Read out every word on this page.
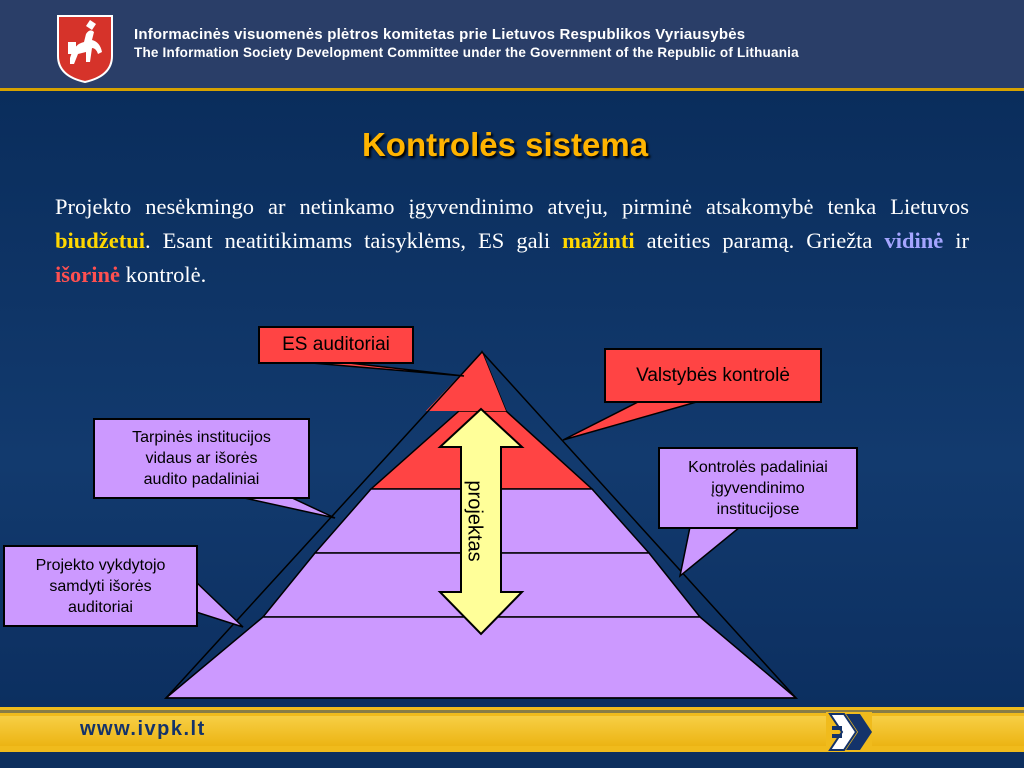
Informacinės visuomenės plėtros komitetas prie Lietuvos Respublikos Vyriausybės
The Information Society Development Committee under the Government of the Republic of Lithuania
Kontrolės sistema
Projekto nesėkmingo ar netinkamo įgyvendinimo atveju, pirminė atsakomybė tenka Lietuvos biudžetui. Esant neatitikimams taisyklėms, ES gali mažinti ateities paramą. Griežta vidinė ir išorinė kontrolė.
projektas
ES auditoriai
Valstybės kontrolė
Tarpinės institucijos
vidaus ar išorės
audito padaliniai
Kontrolės padaliniai
įgyvendinimo
institucijose
Projekto vykdytojo
samdyti išorės
auditoriai
www.ivpk.lt
